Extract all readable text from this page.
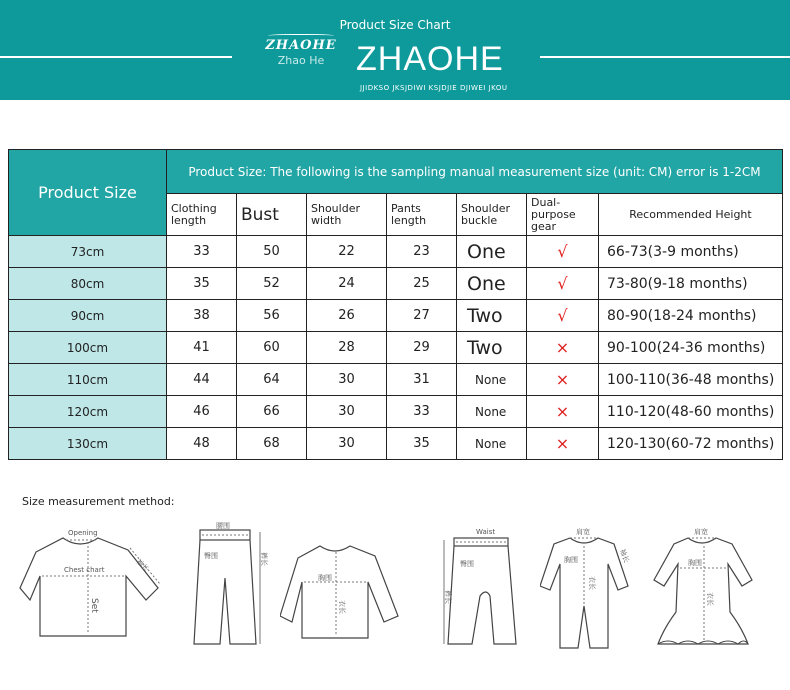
Product Size Chart
ZHAOHE
Zhao He ZHAOHE
JJIDKSO JKSJDIWI KSJDJIE DJIWEI JKOU
Product Size	Product Size: The following is the sampling manual measurement size (unit: CM) error is 1-2CM						
	Clothing length	Bust	Shoulder width	Pants length	Shoulder buckle	Dual-purpose gear	Recommended Height
73cm	33	50	22	23	One	√	66-73(3-9 months)
80cm	35	52	24	25	One	√	73-80(9-18 months)
90cm	38	56	26	27	Two	√	80-90(18-24 months)
100cm	41	60	28	29	Two	×	90-100(24-36 months)
110cm	44	64	30	31	None	×	100-110(36-48 months)
120cm	46	66	30	33	None	×	110-120(48-60 months)
130cm	48	68	30	35	None	×	120-130(60-72 months)
Size measurement method:
Opening
Chest chart	袖长
Set
腰围
臀围	裤长
胸围
衣长
Waist
臀围
裤长
肩宽
胸围
衣长
袖长
肩宽
胸围
衣长
